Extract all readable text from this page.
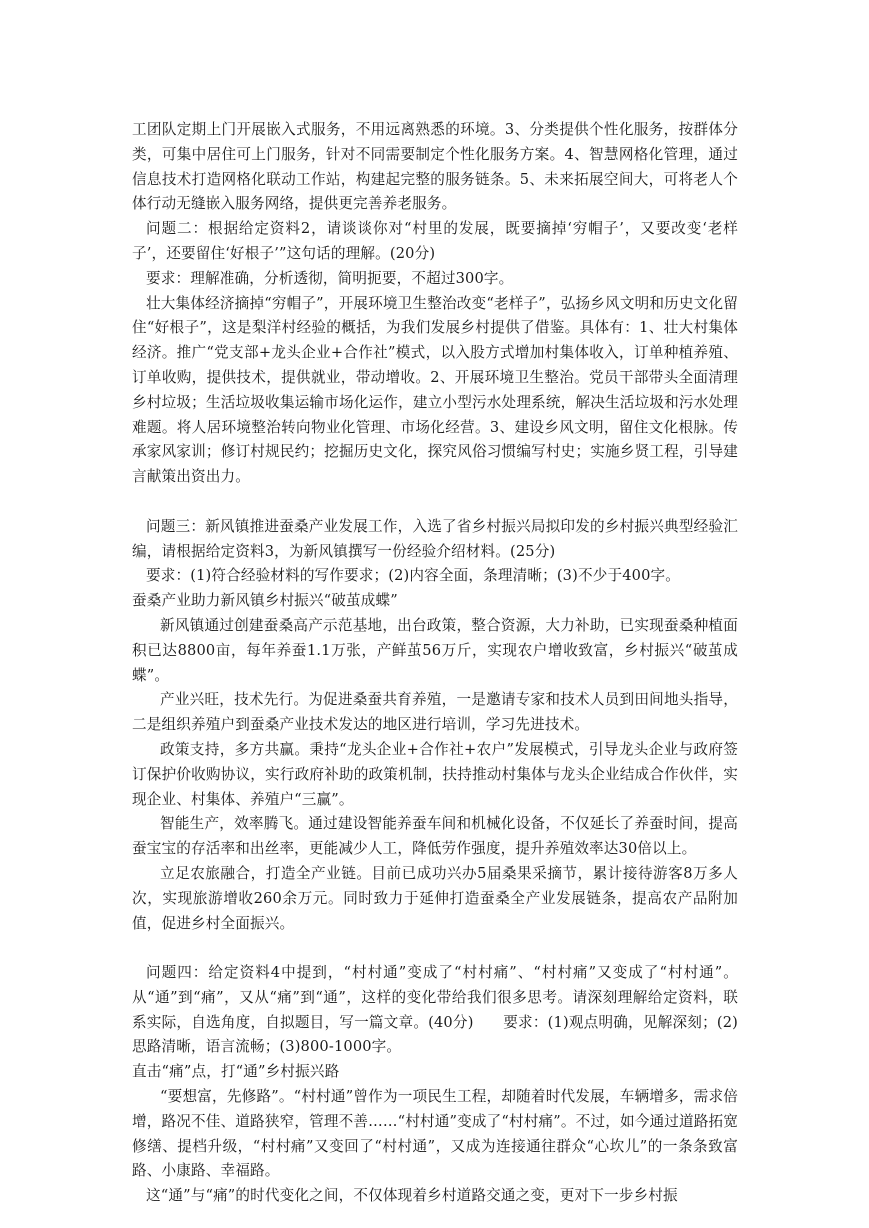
工团队定期上门开展嵌入式服务，不用远离熟悉的环境。3、分类提供个性化服务，按群体分类，可集中居住可上门服务，针对不同需要制定个性化服务方案。4、智慧网格化管理，通过信息技术打造网格化联动工作站，构建起完整的服务链条。5、未来拓展空间大，可将老人个体行动无缝嵌入服务网络，提供更完善养老服务。

问题二：根据给定资料2，请谈谈你对“村里的发展，既要摘掉‘穷帽子’，又要改变‘老样子’，还要留住‘好根子’”这句话的理解。(20分)

要求：理解准确，分析透彻，简明扼要，不超过300字。

壮大集体经济摘掉“穷帽子”，开展环境卫生整治改变“老样子”，弘扬乡风文明和历史文化留住“好根子”，这是梨洋村经验的概括，为我们发展乡村提供了借鉴。具体有：1、壮大村集体经济。推广“党支部+龙头企业+合作社”模式，以入股方式增加村集体收入，订单种植养殖、订单收购，提供技术，提供就业，带动增收。2、开展环境卫生整治。党员干部带头全面清理乡村垃圾；生活垃圾收集运输市场化运作，建立小型污水处理系统，解决生活垃圾和污水处理难题。将人居环境整治转向物业化管理、市场化经营。3、建设乡风文明，留住文化根脉。传承家风家训；修订村规民约；挖掘历史文化，探究风俗习惯编写村史；实施乡贤工程，引导建言献策出资出力。

问题三：新风镇推进蚕桑产业发展工作，入选了省乡村振兴局拟印发的乡村振兴典型经验汇编，请根据给定资料3，为新风镇撰写一份经验介绍材料。(25分)

要求：(1)符合经验材料的写作要求；(2)内容全面，条理清晰；(3)不少于400字。

蚕桑产业助力新风镇乡村振兴“破茧成蝶”

新风镇通过创建蚕桑高产示范基地，出台政策，整合资源，大力补助，已实现蚕桑种植面积已达8800亩，每年养蚕1.1万张，产鲜茧56万斤，实现农户增收致富，乡村振兴“破茧成蝶”。

产业兴旺，技术先行。为促进桑蚕共育养殖，一是邀请专家和技术人员到田间地头指导，二是组织养殖户到蚕桑产业技术发达的地区进行培训，学习先进技术。

政策支持，多方共赢。秉持“龙头企业+合作社+农户”发展模式，引导龙头企业与政府签订保护价收购协议，实行政府补助的政策机制，扶持推动村集体与龙头企业结成合作伙伴，实现企业、村集体、养殖户“三赢”。

智能生产，效率腾飞。通过建设智能养蚕车间和机械化设备，不仅延长了养蚕时间，提高蚕宝宝的存活率和出丝率，更能减少人工，降低劳作强度，提升养殖效率达30倍以上。

立足农旅融合，打造全产业链。目前已成功兴办5届桑果采摘节，累计接待游客8万多人次，实现旅游增收260余万元。同时致力于延伸打造蚕桑全产业发展链条，提高农产品附加值，促进乡村全面振兴。

问题四：给定资料4中提到，“村村通”变成了“村村痛”、“村村痛”又变成了“村村通”。从“通”到“痛”，又从“痛”到“通”，这样的变化带给我们很多思考。请深刻理解给定资料，联系实际，自选角度，自拟题目，写一篇文章。(40分)　　要求：(1)观点明确，见解深刻；(2)思路清晰，语言流畅；(3)800-1000字。

直击“痛”点，打“通”乡村振兴路

“要想富，先修路”。“村村通”曾作为一项民生工程，却随着时代发展，车辆增多，需求倍增，路况不佳、道路狭窄，管理不善……“村村通”变成了“村村痛”。不过，如今通过道路拓宽修缮、提档升级，“村村痛”又变回了“村村通”，又成为连接通往群众“心坎儿”的一条条致富路、小康路、幸福路。

这“通”与“痛”的时代变化之间，不仅体现着乡村道路交通之变，更对下一步乡村振
